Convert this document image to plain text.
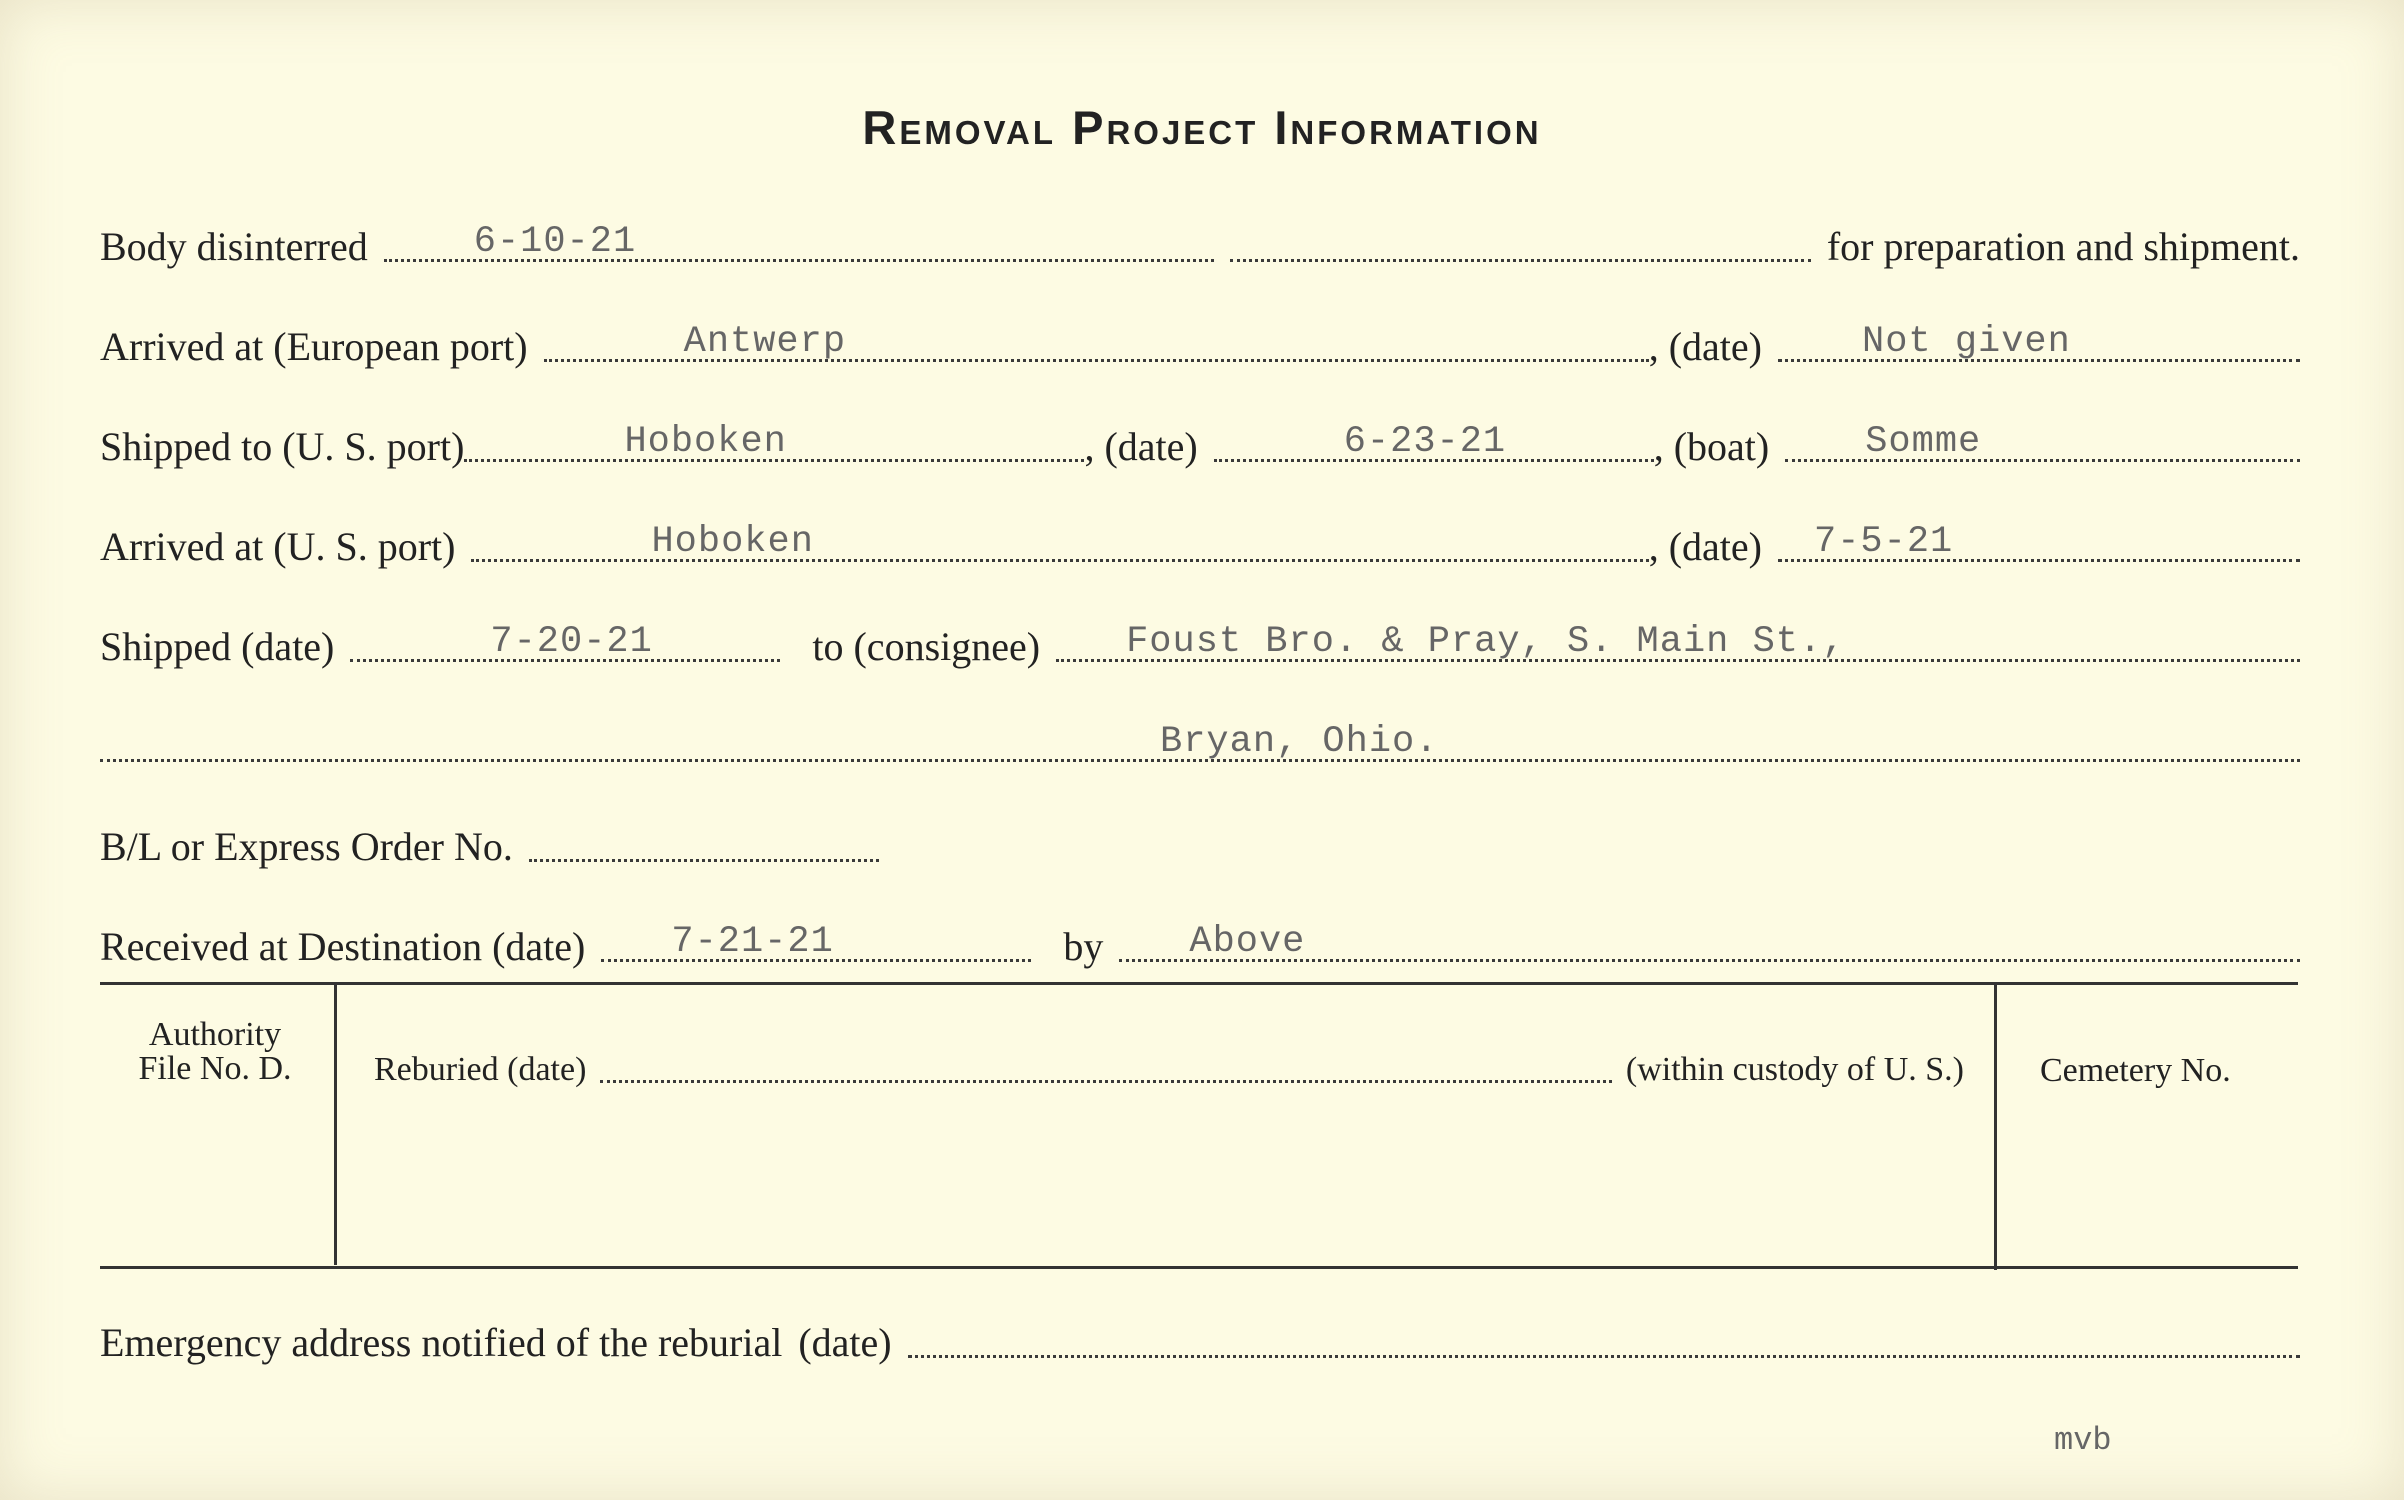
Removal Project Information
Body disinterred	6-10-21	for preparation and shipment.
Arrived at (European port)	Antwerp	, (date)	Not given
Shipped to (U. S. port)	Hoboken	, (date)	6-23-21	, (boat)	Somme
Arrived at (U. S. port)	Hoboken	, (date) 7-5-21
Shipped (date)	7-20-21	to (consignee) Foust Bro. & Pray, S. Main St.,
Bryan, Ohio.
B/L or Express Order No.
Received at Destination (date) 7-21-21	by Above
Authority
File No. D.	Reburied (date)	(within custody of U. S.) Cemetery No.
Emergency address notified of the reburial (date)
mvb
